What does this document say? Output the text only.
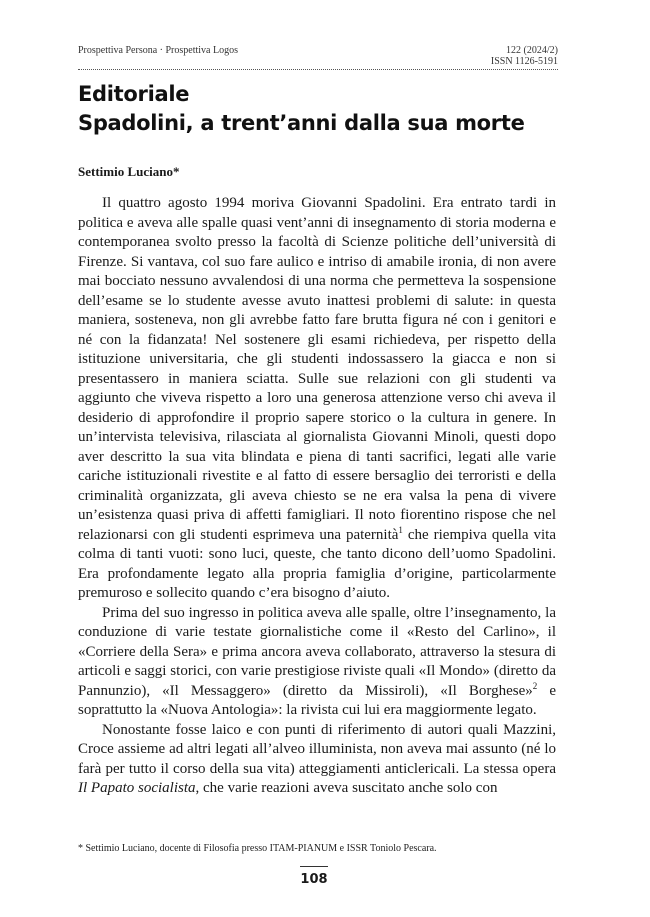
Prospettiva Persona · Prospettiva Logos	122 (2024/2)
ISSN 1126-5191
Editoriale
Spadolini, a trent’anni dalla sua morte
Settimio Luciano*

Il quattro agosto 1994 moriva Giovanni Spadolini. Era entrato tardi in politica e aveva alle spalle quasi vent’anni di insegnamento di storia moderna e contemporanea svolto presso la facoltà di Scienze politiche dell’università di Firenze. Si vantava, col suo fare aulico e intriso di amabile ironia, di non avere mai bocciato nessuno avvalendosi di una norma che permetteva la sospensione dell’esame se lo studente avesse avuto inattesi problemi di salute: in questa maniera, sosteneva, non gli avrebbe fatto fare brutta figura né con i genitori e né con la fidanzata! Nel sostenere gli esami richiedeva, per rispetto della istituzione universitaria, che gli studenti indossassero la giacca e non si presentassero in maniera sciatta. Sulle sue relazioni con gli studenti va aggiunto che viveva rispetto a loro una generosa attenzione verso chi aveva il desiderio di approfondire il proprio sapere storico o la cultura in genere. In un’intervista televisiva, rilasciata al giornalista Giovanni Minoli, questi dopo aver descritto la sua vita blindata e piena di tanti sacrifici, legati alle varie cariche istituzionali rivestite e al fatto di essere bersaglio dei terroristi e della criminalità organizzata, gli aveva chiesto se ne era valsa la pena di vivere un’esistenza quasi priva di affetti famigliari. Il noto fiorentino rispose che nel relazionarsi con gli studenti esprimeva una paternità$^1$ che riempiva quella vita colma di tanti vuoti: sono luci, queste, che tanto dicono dell’uomo Spadolini. Era profondamente legato alla propria famiglia d’origine, particolarmente premuroso e sollecito quando c’era bisogno d’aiuto.

Prima del suo ingresso in politica aveva alle spalle, oltre l’insegnamento, la conduzione di varie testate giornalistiche come il «Resto del Carlino», il «Corriere della Sera» e prima ancora aveva collaborato, attraverso la stesura di articoli e saggi storici, con varie prestigiose riviste quali «Il Mondo» (diretto da Pannunzio), «Il Messaggero» (diretto da Missiroli), «Il Borghese»$^2$ e soprattutto la «Nuova Antologia»: la rivista cui lui era maggiormente legato.

Nonostante fosse laico e con punti di riferimento di autori quali Mazzini, Croce assieme ad altri legati all’alveo illuminista, non aveva mai assunto (né lo farà per tutto il corso della sua vita) atteggiamenti anticlericali. La stessa opera Il Papato socialista, che varie reazioni aveva suscitato anche solo con

* Settimio Luciano, docente di Filosofia presso ITAM-PIANUM e ISSR Toniolo Pescara.
108
